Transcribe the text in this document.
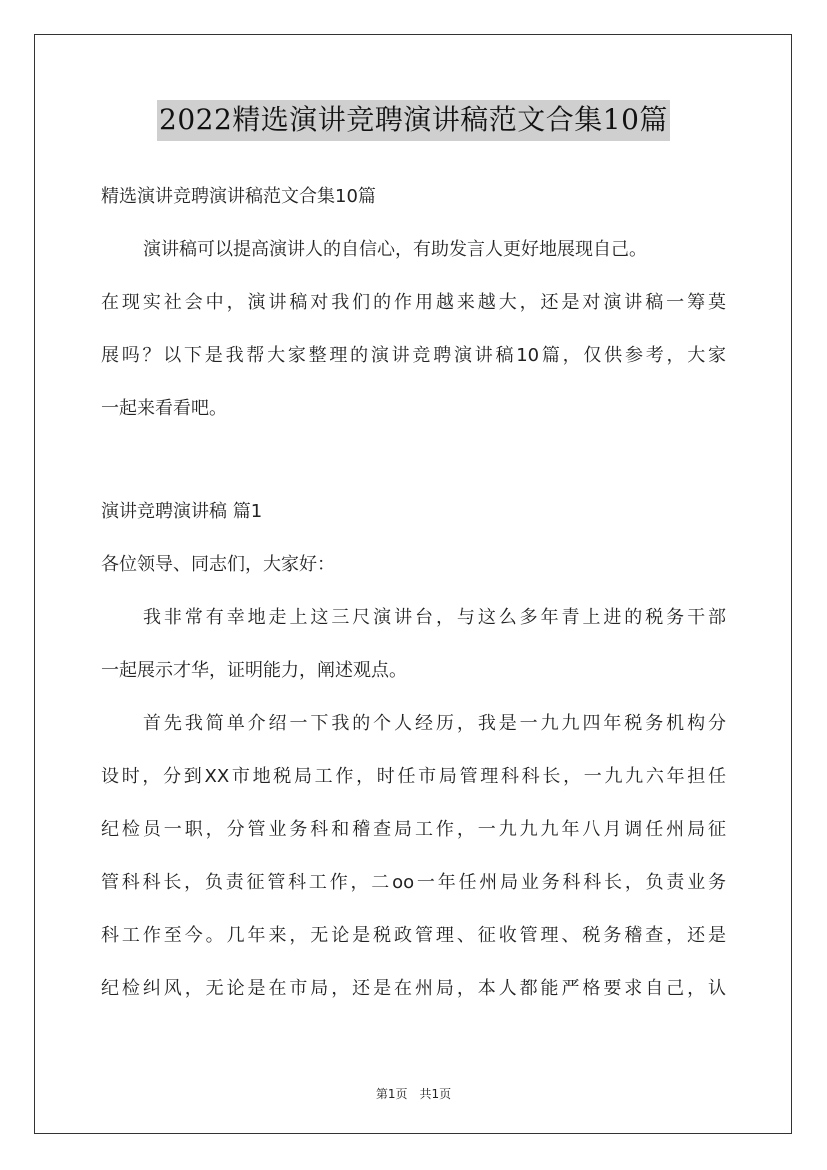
2022精选演讲竞聘演讲稿范文合集10篇
精选演讲竞聘演讲稿范文合集10篇
演讲稿可以提高演讲人的自信心，有助发言人更好地展现自己。
在现实社会中，演讲稿对我们的作用越来越大，还是对演讲稿一筹莫
展吗？以下是我帮大家整理的演讲竞聘演讲稿10篇，仅供参考，大家
一起来看看吧。
演讲竞聘演讲稿 篇1
各位领导、同志们，大家好：
我非常有幸地走上这三尺演讲台，与这么多年青上进的税务干部
一起展示才华，证明能力，阐述观点。
首先我简单介绍一下我的个人经历，我是一九九四年税务机构分
设时，分到XX市地税局工作，时任市局管理科科长，一九九六年担任
纪检员一职，分管业务科和稽查局工作，一九九九年八月调任州局征
管科科长，负责征管科工作，二oo一年任州局业务科科长，负责业务
科工作至今。几年来，无论是税政管理、征收管理、税务稽查，还是
纪检纠风，无论是在市局，还是在州局，本人都能严格要求自己，认
第1页　共1页
